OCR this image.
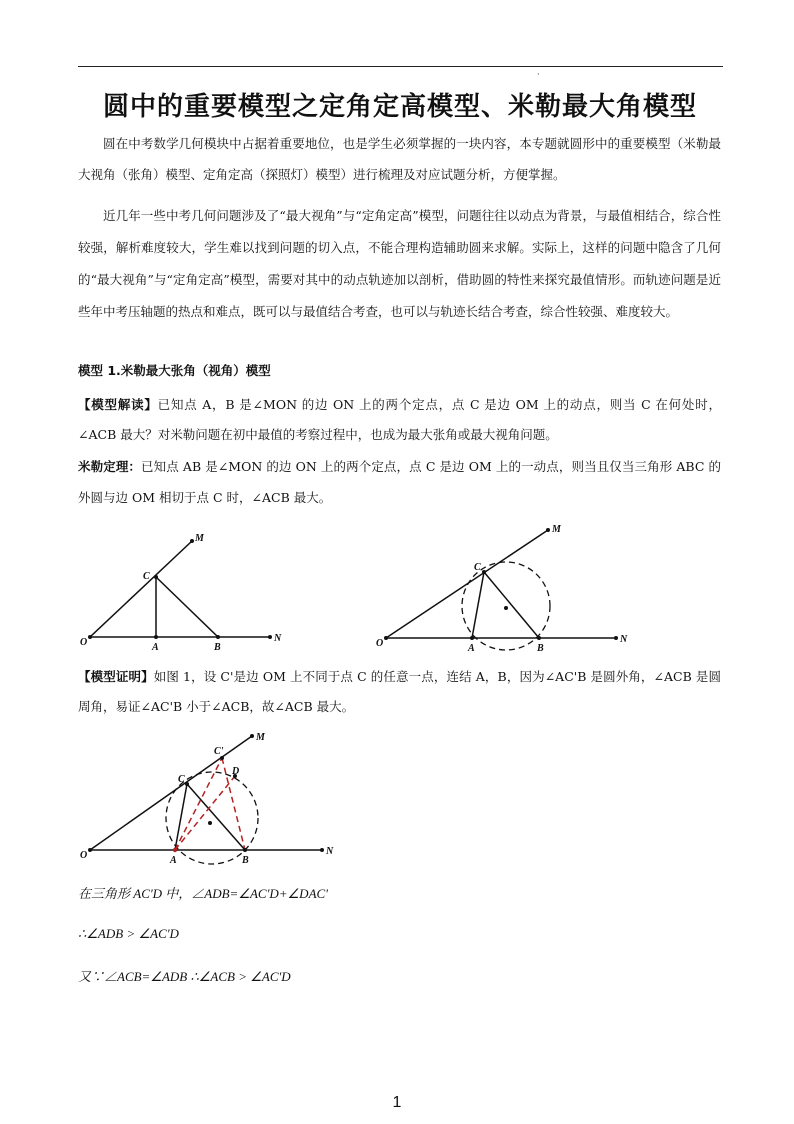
·
圆中的重要模型之定角定高模型、米勒最大角模型

圆在中考数学几何模块中占据着重要地位，也是学生必须掌握的一块内容，本专题就圆形中的重要模型（米勒最大视角（张角）模型、定角定高（探照灯）模型）进行梳理及对应试题分析，方便掌握。

近几年一些中考几何问题涉及了“最大视角”与“定角定高”模型，问题往往以动点为背景，与最值相结合，综合性较强，解析难度较大，学生难以找到问题的切入点，不能合理构造辅助圆来求解。实际上，这样的问题中隐含了几何的“最大视角”与“定角定高”模型，需要对其中的动点轨迹加以剖析，借助圆的特性来探究最值情形。而轨迹问题是近些年中考压轴题的热点和难点，既可以与最值结合考查，也可以与轨迹长结合考查，综合性较强、难度较大。

模型 1.米勒最大张角（视角）模型

【模型解读】已知点 A，B 是∠MON 的边 ON 上的两个定点，点 C 是边 OM 上的动点，则当 C 在何处时，∠ACB 最大？对米勒问题在初中最值的考察过程中，也成为最大张角或最大视角问题。

米勒定理：已知点 AB 是∠MON 的边 ON 上的两个定点，点 C 是边 OM 上的一动点，则当且仅当三角形 ABC 的外圆与边 OM 相切于点 C 时，∠ACB 最大。

O	A	B
C
M
N	O	A	B
C
M
N

【模型证明】如图 1，设 C'是边 OM 上不同于点 C 的任意一点，连结 A，B，因为∠AC'B 是圆外角，∠ACB 是圆周角，易证∠AC'B 小于∠ACB，故∠ACB 最大。

O	A	B
C
C'
D
M
N
在三角形 AC'D 中，∠ADB=∠AC'D+∠DAC'
∴∠ADB > ∠AC'D
又∵∠ACB=∠ADB ∴∠ACB > ∠AC'D
1
